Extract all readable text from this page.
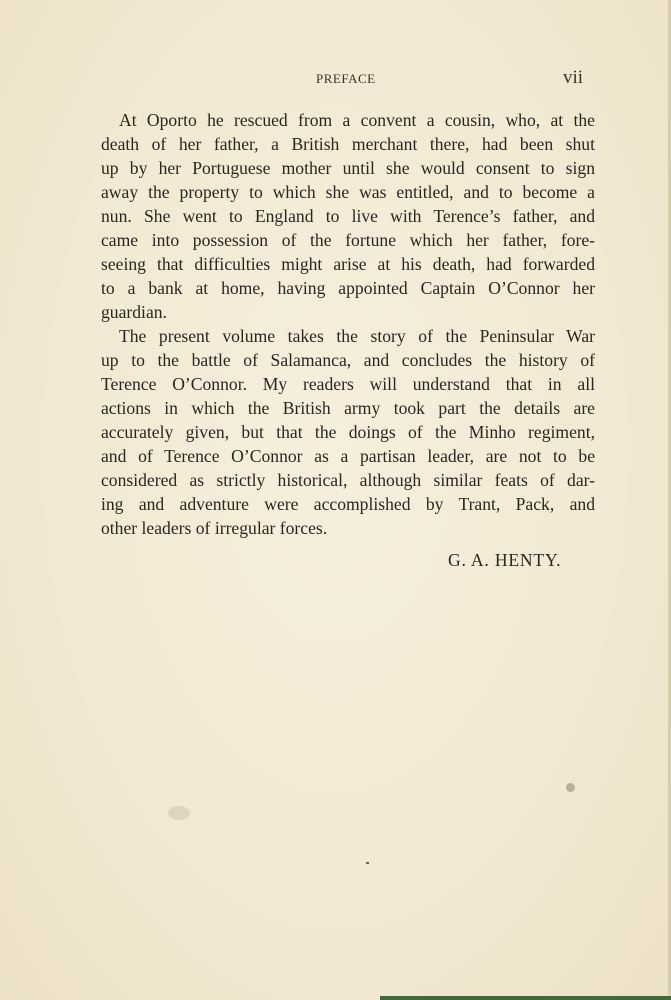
PREFACE	vii
At Oporto he rescued from a convent a cousin, who, at the
death of her father, a British merchant there, had been shut
up by her Portuguese mother until she would consent to sign
away the property to which she was entitled, and to become a
nun. She went to England to live with Terence’s father, and
came into possession of the fortune which her father, fore-
seeing that difficulties might arise at his death, had forwarded
to a bank at home, having appointed Captain O’Connor her
guardian.
The present volume takes the story of the Peninsular War
up to the battle of Salamanca, and concludes the history of
Terence O’Connor. My readers will understand that in all
actions in which the British army took part the details are
accurately given, but that the doings of the Minho regiment,
and of Terence O’Connor as a partisan leader, are not to be
considered as strictly historical, although similar feats of dar-
ing and adventure were accomplished by Trant, Pack, and
other leaders of irregular forces.
G. A. HENTY.
